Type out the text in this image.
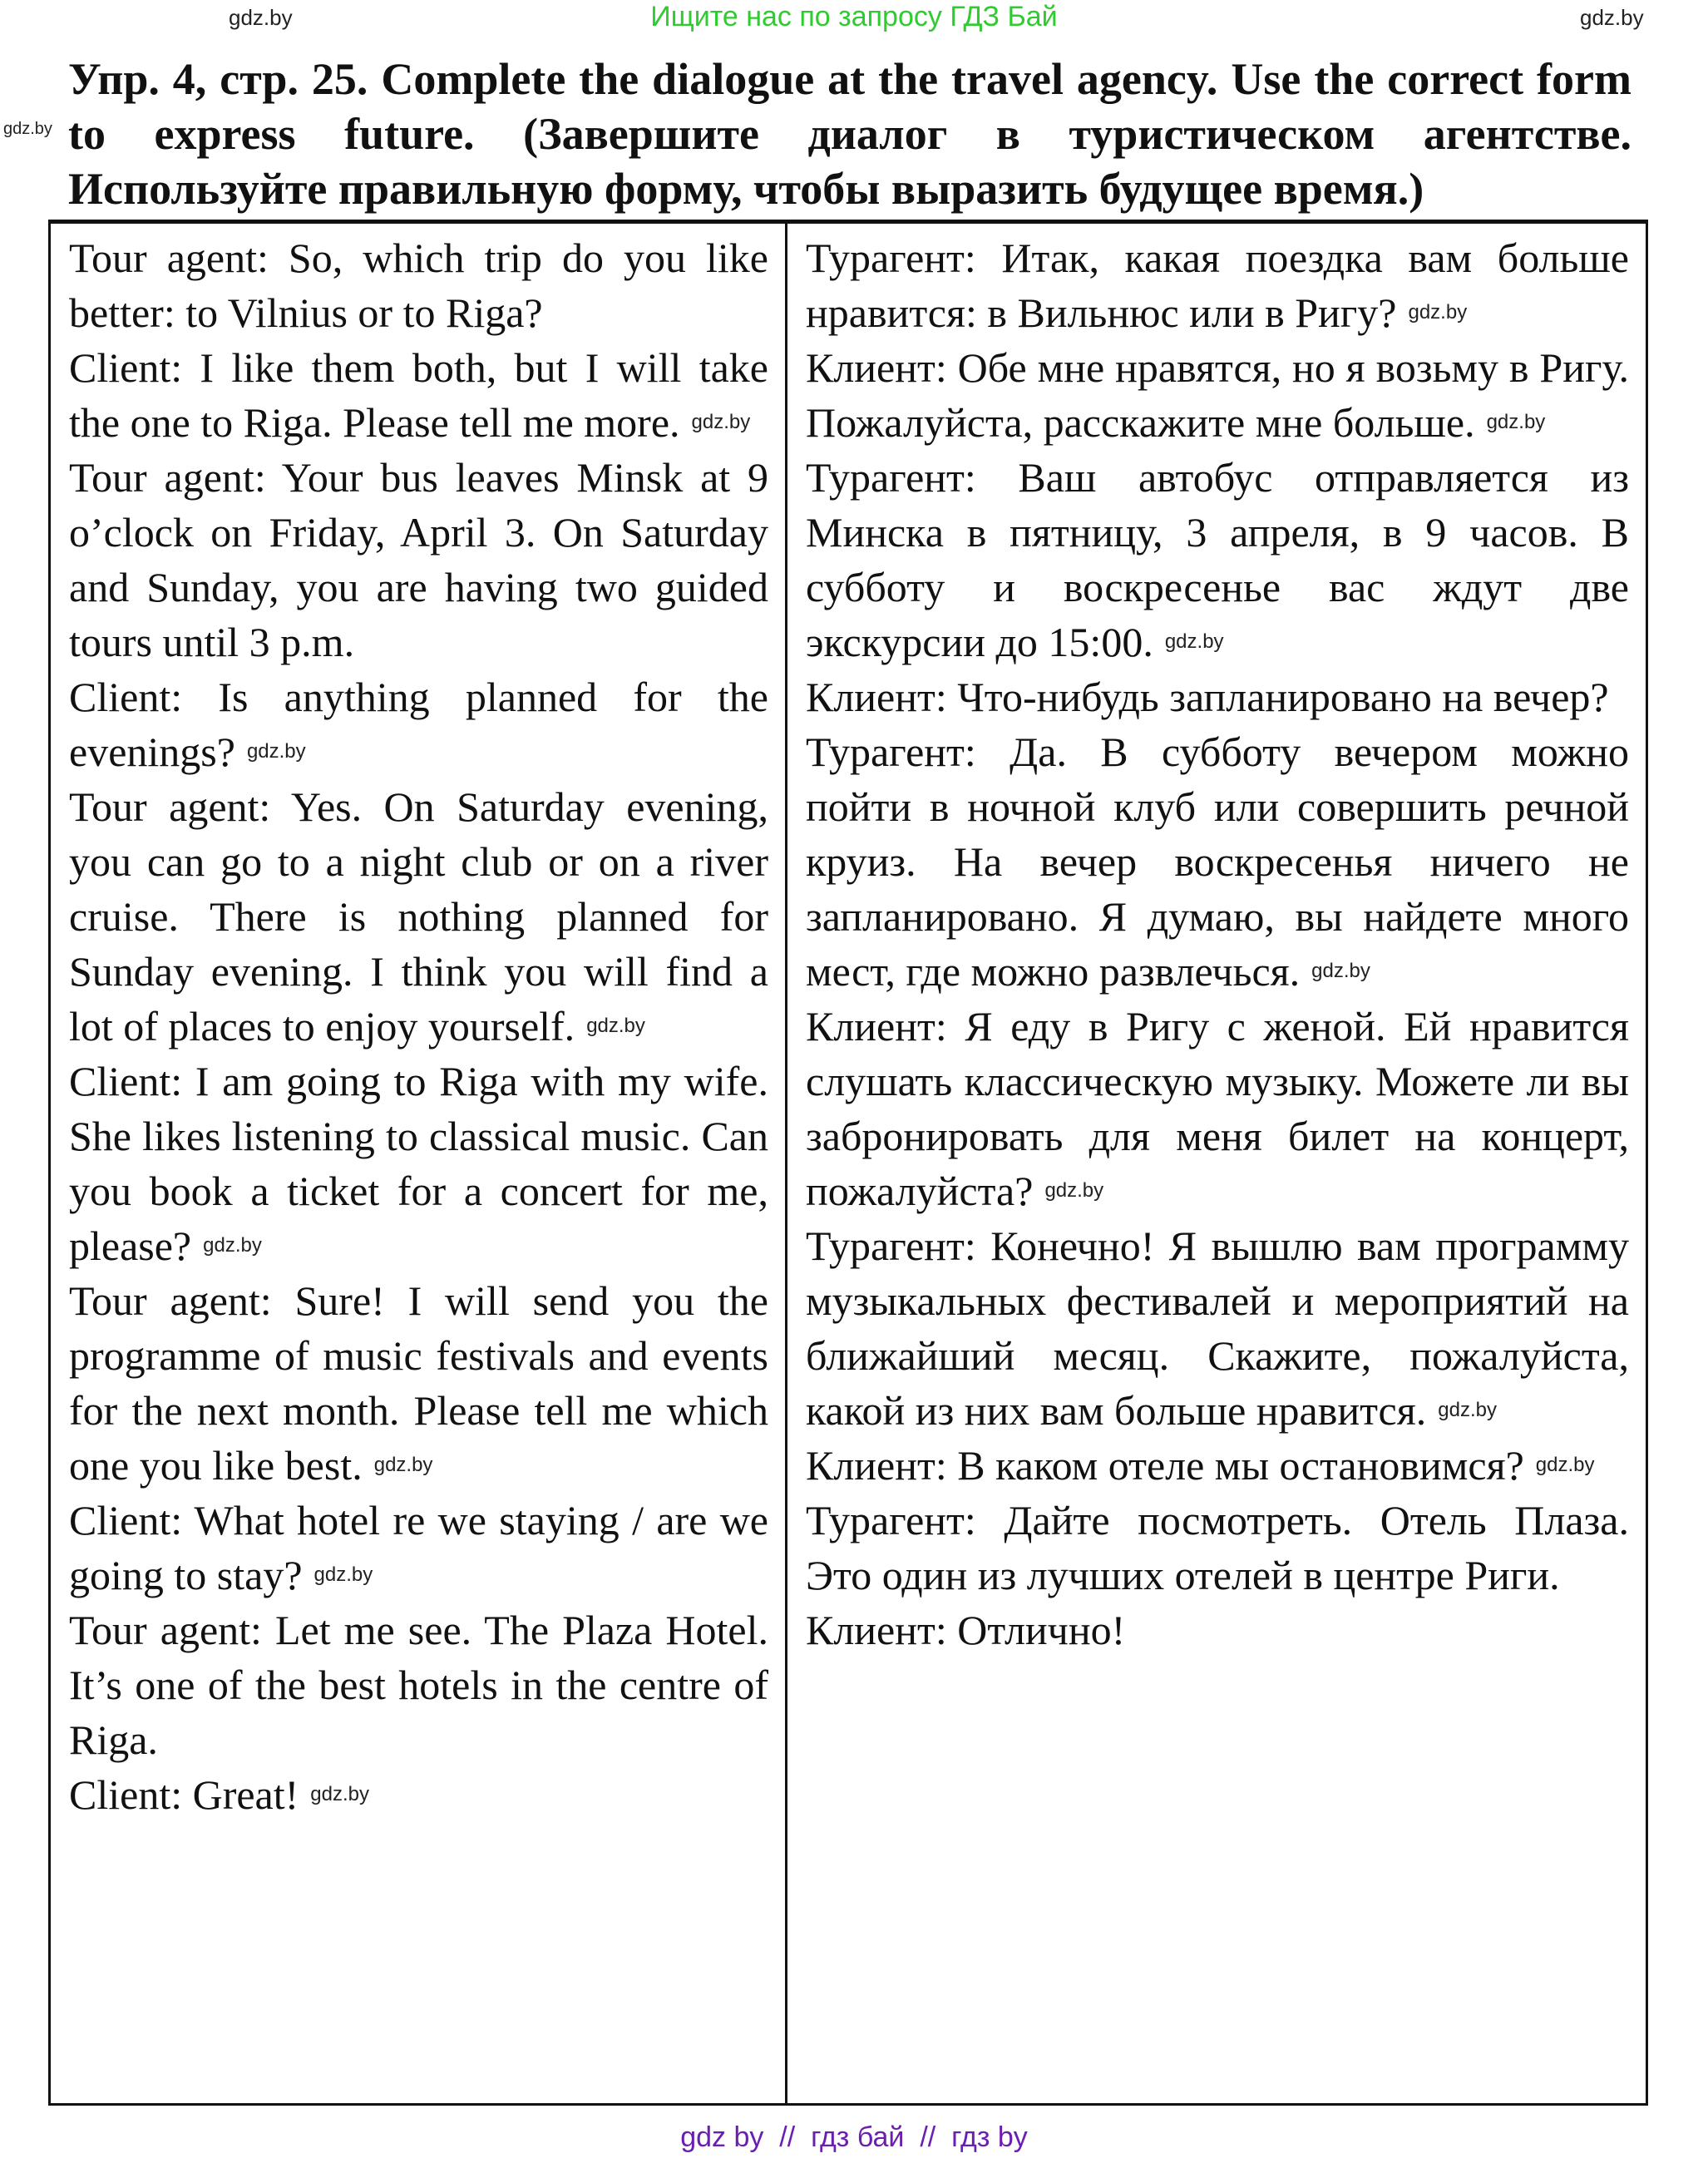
gdz.by	gdz.by
gdz.by
Ищите нас по запросу ГДЗ Бай
Упр. 4, стр. 25. Complete the dialogue at the travel agency. Use the correct form to express future. (Завершите диалог в туристическом агентстве. Используйте правильную форму, чтобы выразить будущее время.)

Tour agent: So, which trip do you like better: to Vilnius or to Riga?

Client: I like them both, but I will take the one to Riga. Please tell me more. $^{gdz.by}$

Tour agent: Your bus leaves Minsk at 9 o’clock on Friday, April 3. On Saturday and Sunday, you are having two guided tours until 3 p.m.

Client: Is anything planned for the evenings? $^{gdz.by}$

Tour agent: Yes. On Saturday evening, you can go to a night club or on a river cruise. There is nothing planned for Sunday evening. I think you will find a lot of places to enjoy yourself. $^{gdz.by}$

Client: I am going to Riga with my wife. She likes listening to classical music. Can you book a ticket for a concert for me, please? $^{gdz.by}$

Tour agent: Sure! I will send you the programme of music festivals and events for the next month. Please tell me which one you like best. $^{gdz.by}$

Client: What hotel re we staying / are we going to stay? $^{gdz.by}$

Tour agent: Let me see. The Plaza Hotel. It’s one of the best hotels in the centre of Riga.

Client: Great! $^{gdz.by}$

Турагент: Итак, какая поездка вам больше нравится: в Вильнюс или в Ригу? $^{gdz.by}$

Клиент: Обе мне нравятся, но я возьму в Ригу. Пожалуйста, расскажите мне больше. $^{gdz.by}$

Турагент: Ваш автобус отправляется из Минска в пятницу, 3 апреля, в 9 часов. В субботу и воскресенье вас ждут две экскурсии до 15:00. $^{gdz.by}$

Клиент: Что-нибудь запланировано на вечер?

Турагент: Да. В субботу вечером можно пойти в ночной клуб или совершить речной круиз. На вечер воскресенья ничего не запланировано. Я думаю, вы найдете много мест, где можно развлечься. $^{gdz.by}$

Клиент: Я еду в Ригу с женой. Ей нравится слушать классическую музыку. Можете ли вы забронировать для меня билет на концерт, пожалуйста? $^{gdz.by}$

Турагент: Конечно! Я вышлю вам программу музыкальных фестивалей и мероприятий на ближайший месяц. Скажите, пожалуйста, какой из них вам больше нравится. $^{gdz.by}$

Клиент: В каком отеле мы остановимся? $^{gdz.by}$

Турагент: Дайте посмотреть. Отель Плаза. Это один из лучших отелей в центре Риги.

Клиент: Отлично!

gdz by  //  гдз бай  //  гдз by
